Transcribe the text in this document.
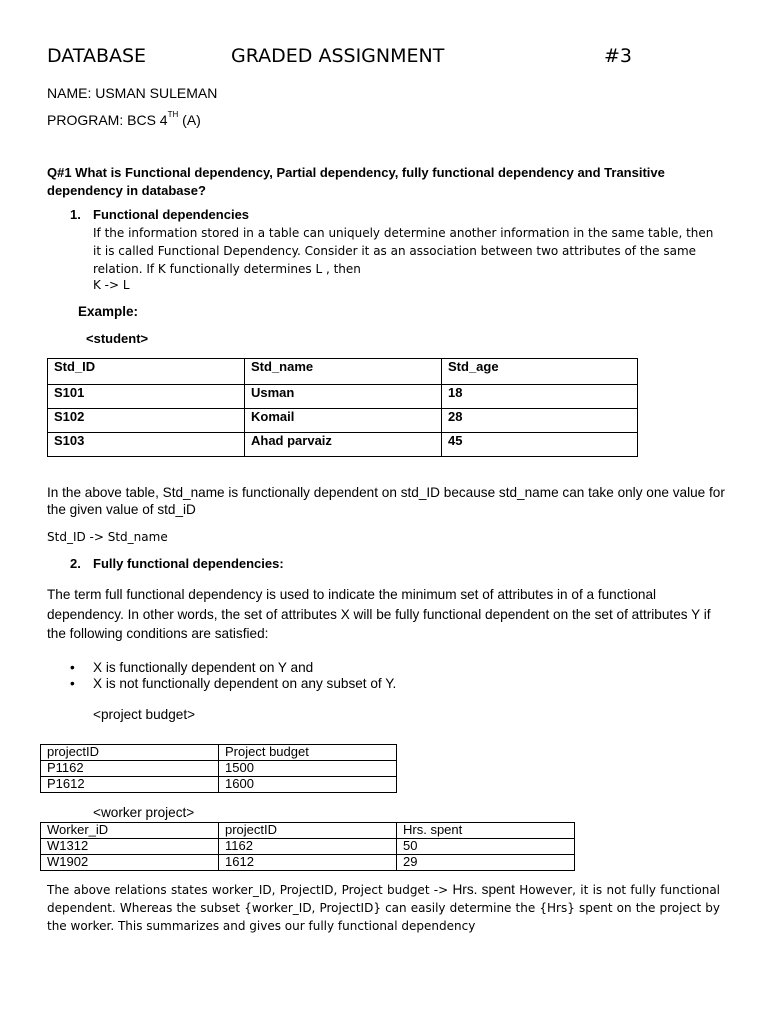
DATABASE	GRADED ASSIGNMENT	#3
NAME: USMAN SULEMAN
PROGRAM: BCS 4TH (A)
Q#1 What is Functional dependency, Partial dependency, fully functional dependency and Transitive dependency in database?
1. Functional dependencies
If the information stored in a table can uniquely determine another information in the same table, then it is called Functional Dependency. Consider it as an association between two attributes of the same relation. If K functionally determines L , then
K -> L
Example:
<student>
Std_ID	Std_name	Std_age
S101	Usman	18
S102	Komail	28
S103	Ahad parvaiz	45
In the above table, Std_name is functionally dependent on std_ID because std_name can take only one value for the given value of std_iD
Std_ID -> Std_name
2. Fully functional dependencies:
The term full functional dependency is used to indicate the minimum set of attributes in of a functional dependency. In other words, the set of attributes X will be fully functional dependent on the set of attributes Y if the following conditions are satisfied:
• X is functionally dependent on Y and
• X is not functionally dependent on any subset of Y.
<project budget>
projectID	Project budget
P1162	1500
P1612	1600
<worker project>
Worker_iD	projectID	Hrs. spent
W1312	1162	50
W1902	1612	29
The above relations states worker_ID, ProjectID, Project budget -> Hrs. spent However, it is not fully functional dependent. Whereas the subset {worker_ID, ProjectID} can easily determine the {Hrs} spent on the project by the worker. This summarizes and gives our fully functional dependency
